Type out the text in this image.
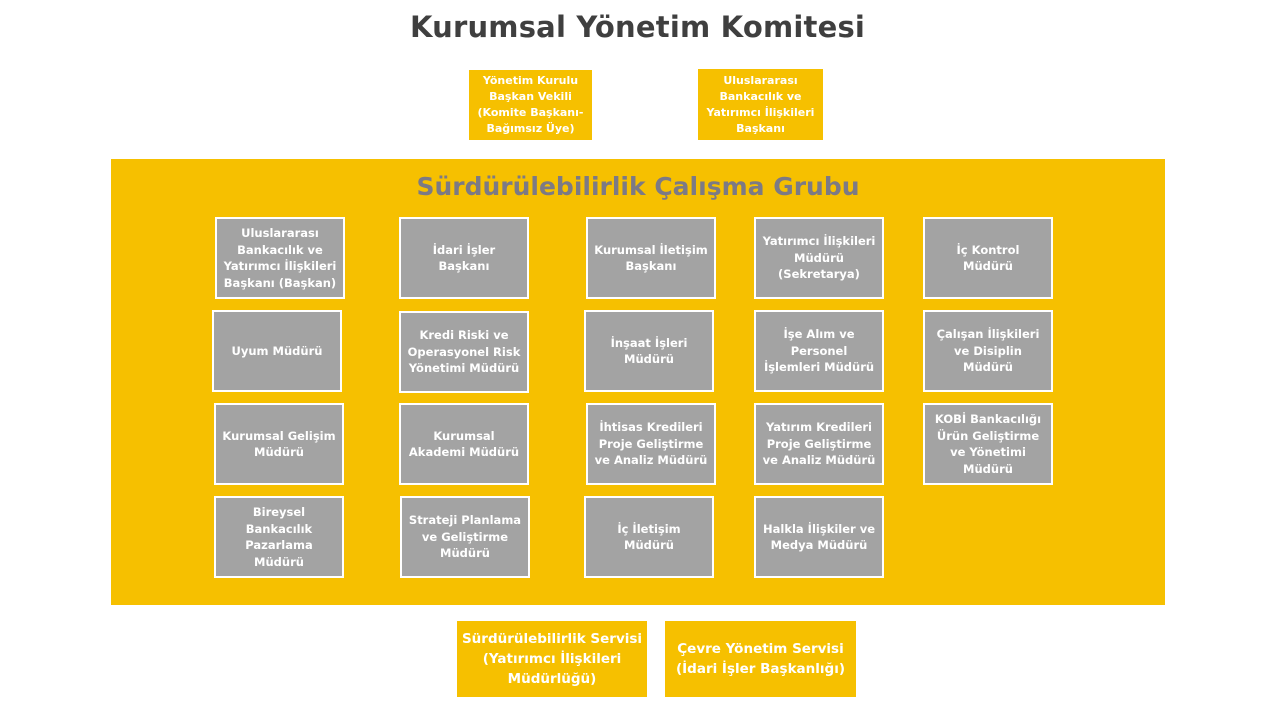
Kurumsal Yönetim Komitesi
Yönetim Kurulu
Başkan Vekili
(Komite Başkanı-
Bağımsız Üye)
Uluslararası
Bankacılık ve
Yatırımcı İlişkileri
Başkanı
Sürdürülebilirlik Çalışma Grubu
Uluslararası
Bankacılık ve
Yatırımcı İlişkileri
Başkanı (Başkan)
Uyum Müdürü
Kurumsal Gelişim
Müdürü
Bireysel
Bankacılık
Pazarlama
Müdürü
İdari İşler
Başkanı
Kredi Riski ve
Operasyonel Risk
Yönetimi Müdürü
Kurumsal
Akademi Müdürü
Strateji Planlama
ve Geliştirme
Müdürü
Kurumsal İletişim
Başkanı
İnşaat İşleri
Müdürü
İhtisas Kredileri
Proje Geliştirme
ve Analiz Müdürü
İç İletişim
Müdürü
Yatırımcı İlişkileri
Müdürü
(Sekretarya)
İşe Alım ve
Personel
İşlemleri Müdürü
Yatırım Kredileri
Proje Geliştirme
ve Analiz Müdürü
Halkla İlişkiler ve
Medya Müdürü
İç Kontrol
Müdürü
Çalışan İlişkileri
ve Disiplin
Müdürü
KOBİ Bankacılığı
Ürün Geliştirme
ve Yönetimi
Müdürü
Sürdürülebilirlik Servisi
(Yatırımcı İlişkileri
Müdürlüğü)
Çevre Yönetim Servisi
(İdari İşler Başkanlığı)
